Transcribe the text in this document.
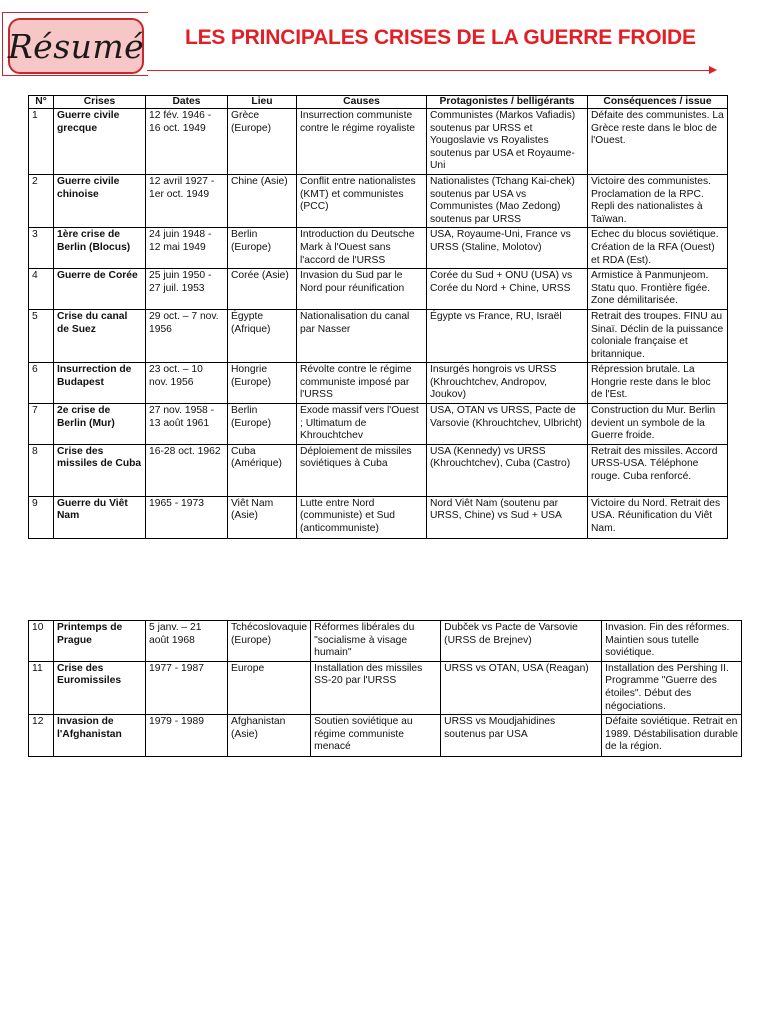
Résumé LES PRINCIPALES CRISES DE LA GUERRE FROIDE
N°	Crises	Dates	Lieu	Causes	Protagonistes / belligérants	Conséquences / issue
1	Guerre civile grecque	12 fév. 1946 - 16 oct. 1949	Grèce (Europe)	Insurrection communiste contre le régime royaliste	Communistes (Markos Vafiadis) soutenus par URSS et Yougoslavie vs Royalistes soutenus par USA et Royaume-Uni	Défaite des communistes. La Grèce reste dans le bloc de l'Ouest.
2	Guerre civile chinoise	12 avril 1927 - 1er oct. 1949	Chine (Asie)	Conflit entre nationalistes (KMT) et communistes (PCC)	Nationalistes (Tchang Kai-chek) soutenus par USA vs Communistes (Mao Zedong) soutenus par URSS	Victoire des communistes. Proclamation de la RPC. Repli des nationalistes à Taïwan.
3	1ère crise de Berlin (Blocus)	24 juin 1948 - 12 mai 1949	Berlin (Europe)	Introduction du Deutsche Mark à l'Ouest sans l'accord de l'URSS	USA, Royaume-Uni, France vs URSS (Staline, Molotov)	Echec du blocus soviétique. Création de la RFA (Ouest) et RDA (Est).
4	Guerre de Corée	25 juin 1950 - 27 juil. 1953	Corée (Asie)	Invasion du Sud par le Nord pour réunification	Corée du Sud + ONU (USA) vs Corée du Nord + Chine, URSS	Armistice à Panmunjeom. Statu quo. Frontière figée. Zone démilitarisée.
5	Crise du canal de Suez	29 oct. – 7 nov. 1956	Égypte (Afrique)	Nationalisation du canal par Nasser	Égypte vs France, RU, Israël	Retrait des troupes. FINU au Sinaï. Déclin de la puissance coloniale française et britannique.
6	Insurrection de Budapest	23 oct. – 10 nov. 1956	Hongrie (Europe)	Révolte contre le régime communiste imposé par l'URSS	Insurgés hongrois vs URSS (Khrouchtchev, Andropov, Joukov)	Répression brutale. La Hongrie reste dans le bloc de l'Est.
7	2e crise de Berlin (Mur)	27 nov. 1958 - 13 août 1961	Berlin (Europe)	Exode massif vers l'Ouest ; Ultimatum de Khrouchtchev	USA, OTAN vs URSS, Pacte de Varsovie (Khrouchtchev, Ulbricht)	Construction du Mur. Berlin devient un symbole de la Guerre froide.
8	Crise des missiles de Cuba	16-28 oct. 1962	Cuba (Amérique)	Déploiement de missiles soviétiques à Cuba	USA (Kennedy) vs URSS (Khrouchtchev), Cuba (Castro)	Retrait des missiles. Accord URSS-USA. Téléphone rouge. Cuba renforcé.
9	Guerre du Viêt Nam	1965 - 1973	Viêt Nam (Asie)	Lutte entre Nord (communiste) et Sud (anticommuniste)	Nord Viêt Nam (soutenu par URSS, Chine) vs Sud + USA	Victoire du Nord. Retrait des USA. Réunification du Viêt Nam.
10	Printemps de Prague	5 janv. – 21 août 1968	Tchécoslovaquie (Europe)	Réformes libérales du "socialisme à visage humain"	Dubček vs Pacte de Varsovie (URSS de Brejnev)	Invasion. Fin des réformes. Maintien sous tutelle soviétique.
11	Crise des Euromissiles	1977 - 1987	Europe	Installation des missiles SS-20 par l'URSS	URSS vs OTAN, USA (Reagan)	Installation des Pershing II. Programme "Guerre des étoiles". Début des négociations.
12	Invasion de l'Afghanistan	1979 - 1989	Afghanistan (Asie)	Soutien soviétique au régime communiste menacé	URSS vs Moudjahidines soutenus par USA	Défaite soviétique. Retrait en 1989. Déstabilisation durable de la région.
